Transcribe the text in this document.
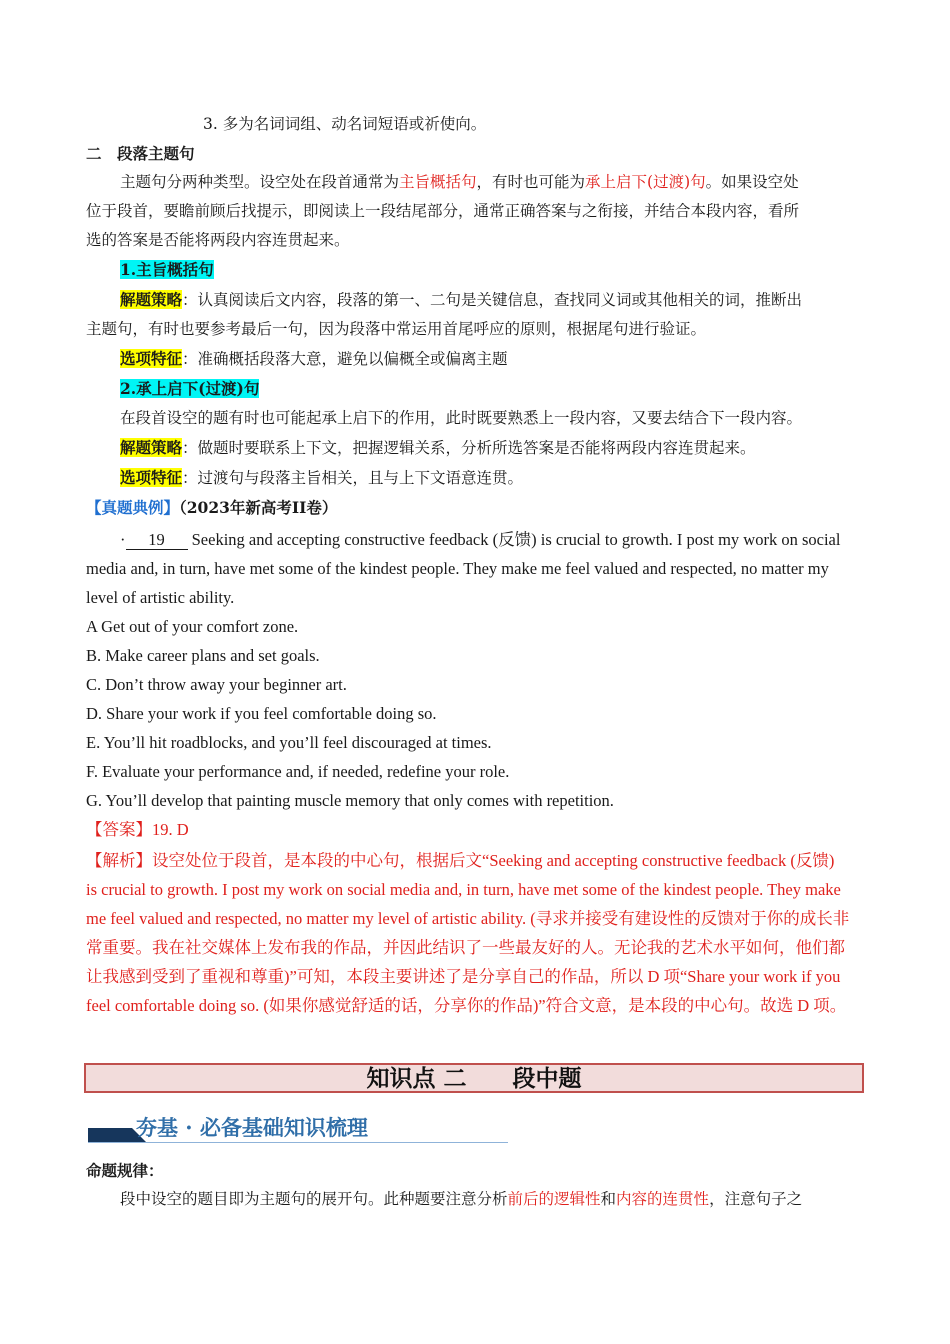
3. 多为名词词组、动名词短语或祈使向。
二　段落主题句
主题句分两种类型。设空处在段首通常为主旨概括句，有时也可能为承上启下(过渡)句。如果设空处
位于段首，要瞻前顾后找提示，即阅读上一段结尾部分，通常正确答案与之衔接，并结合本段内容，看所
选的答案是否能将两段内容连贯起来。
1.主旨概括句
解题策略：认真阅读后文内容，段落的第一、二句是关键信息，查找同义词或其他相关的词，推断出
主题句，有时也要参考最后一句，因为段落中常运用首尾呼应的原则，根据尾句进行验证。
选项特征：准确概括段落大意，避免以偏概全或偏离主题
2.承上启下(过渡)句
在段首设空的题有时也可能起承上启下的作用，此时既要熟悉上一段内容，又要去结合下一段内容。
解题策略：做题时要联系上下文，把握逻辑关系，分析所选答案是否能将两段内容连贯起来。
选项特征：过渡句与段落主旨相关，且与上下文语意连贯。
【真题典例】（2023年新高考II卷）
· 19 Seeking and accepting constructive feedback (反馈) is crucial to growth. I post my work on social
media and, in turn, have met some of the kindest people. They make me feel valued and respected, no matter my
level of artistic ability.
A Get out of your comfort zone.
B. Make career plans and set goals.
C. Don’t throw away your beginner art.
D. Share your work if you feel comfortable doing so.
E. You’ll hit roadblocks, and you’ll feel discouraged at times.
F. Evaluate your performance and, if needed, redefine your role.
G. You’ll develop that painting muscle memory that only comes with repetition.
【答案】19. D
【解析】设空处位于段首，是本段的中心句，根据后文“Seeking and accepting constructive feedback (反馈)
is crucial to growth. I post my work on social media and, in turn, have met some of the kindest people. They make
me feel valued and respected, no matter my level of artistic ability. (寻求并接受有建设性的反馈对于你的成长非
常重要。我在社交媒体上发布我的作品，并因此结识了一些最友好的人。无论我的艺术水平如何，他们都
让我感到受到了重视和尊重)”可知，本段主要讲述了是分享自己的作品，所以 D 项“Share your work if you
feel comfortable doing so. (如果你感觉舒适的话，分享你的作品)”符合文意，是本段的中心句。故选 D 项。
知识点 二　　段中题
夯基 · 必备基础知识梳理
命题规律：
段中设空的题目即为主题句的展开句。此种题要注意分析前后的逻辑性和内容的连贯性，注意句子之
